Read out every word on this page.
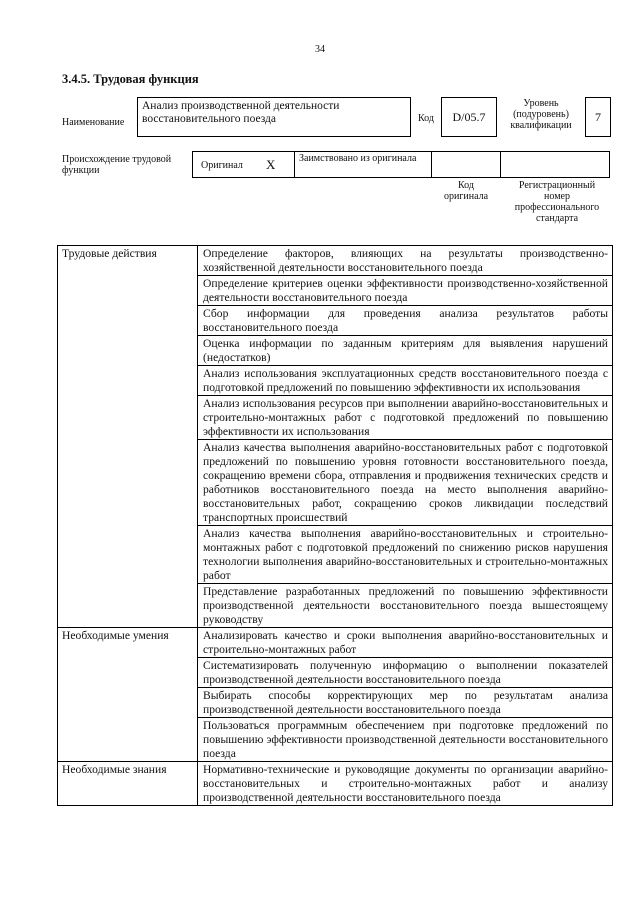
34
3.4.5. Трудовая функция
Наименование
Анализ производственной деятельности восстановительного поезда	Код	D/05.7
Уровень (подуровень) квалификации
7
Происхождение трудовой функции	Оригинал X Заимствовано из оригинала
Код оригинала
Регистрационный номер профессионального стандарта
Трудовые действия	Определение факторов, влияющих на результаты производственно-хозяйственной деятельности восстановительного поезда
	Определение критериев оценки эффективности производственно-хозяйственной деятельности восстановительного поезда
	Сбор информации для проведения анализа результатов работы восстановительного поезда
	Оценка информации по заданным критериям для выявления нарушений (недостатков)
	Анализ использования эксплуатационных средств восстановительного поезда с подготовкой предложений по повышению эффективности их использования
	Анализ использования ресурсов при выполнении аварийно-восстановительных и строительно-монтажных работ с подготовкой предложений по повышению эффективности их использования
	Анализ качества выполнения аварийно-восстановительных работ с подготовкой предложений по повышению уровня готовности восстановительного поезда, сокращению времени сбора, отправления и продвижения технических средств и работников восстановительного поезда на место выполнения аварийно-восстановительных работ, сокращению сроков ликвидации последствий транспортных происшествий
	Анализ качества выполнения аварийно-восстановительных и строительно-монтажных работ с подготовкой предложений по снижению рисков нарушения технологии выполнения аварийно-восстановительных и строительно-монтажных работ
	Представление разработанных предложений по повышению эффективности производственной деятельности восстановительного поезда вышестоящему руководству
Необходимые умения	Анализировать качество и сроки выполнения аварийно-восстановительных и строительно-монтажных работ
	Систематизировать полученную информацию о выполнении показателей производственной деятельности восстановительного поезда
	Выбирать способы корректирующих мер по результатам анализа производственной деятельности восстановительного поезда
	Пользоваться программным обеспечением при подготовке предложений по повышению эффективности производственной деятельности восстановительного поезда
Необходимые знания	Нормативно-технические и руководящие документы по организации аварийно-восстановительных и строительно-монтажных работ и анализу производственной деятельности восстановительного поезда
